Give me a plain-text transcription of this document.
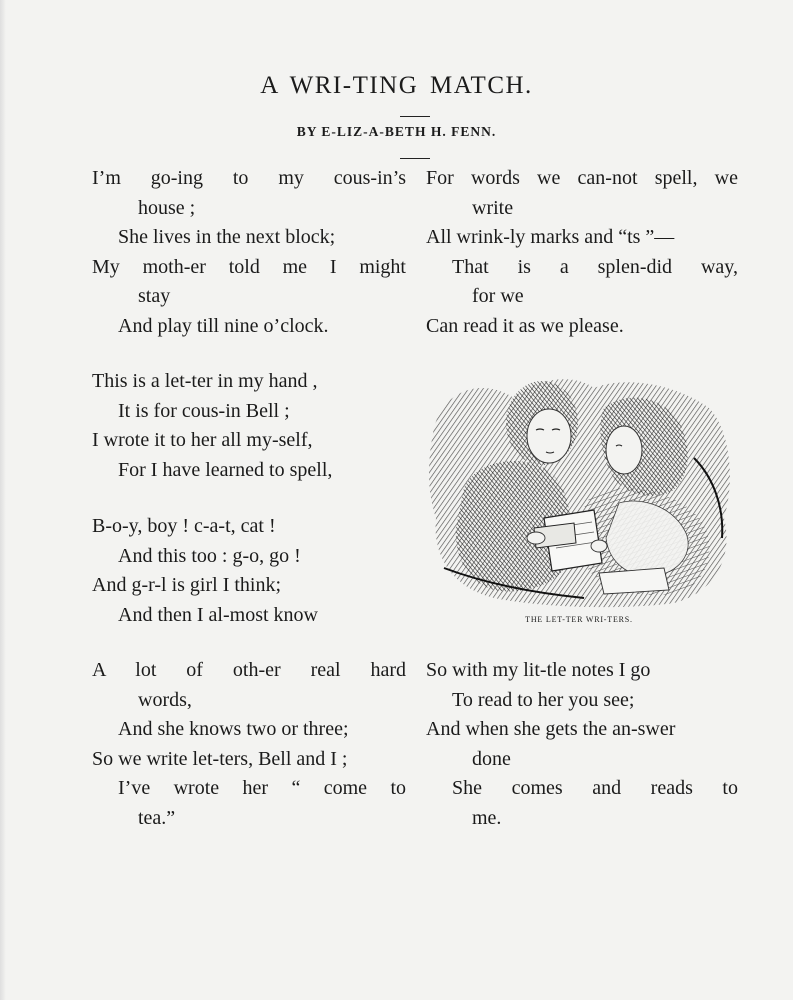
A WRI-TING MATCH.
BY E-LIZ-A-BETH H. FENN.
I’m go-ing to my cous-in’s
house ;
She lives in the next block;
My moth-er told me I might
stay
And play till nine o’clock.
This is a let-ter in my hand ,
It is for cous-in Bell ;
I wrote it to her all my-self,
For I have learned to spell,
B-o-y, boy ! c-a-t, cat !
And this too : g-o, go !
And g-r-l is girl I think;
And then I al-most know
For words we can-not spell, we
write
All wrink-ly marks and “ts ”—
That is a splen-did way,
for we
Can read it as we please.
THE LET-TER WRI-TERS.
A lot of oth-er real hard
words,
And she knows two or three;
So we write let-ters, Bell and I ;
I’ve wrote her “ come to
tea.”
So with my lit-tle notes I go
To read to her you see;
And when she gets the an-swer
done
She comes and reads to
me.
